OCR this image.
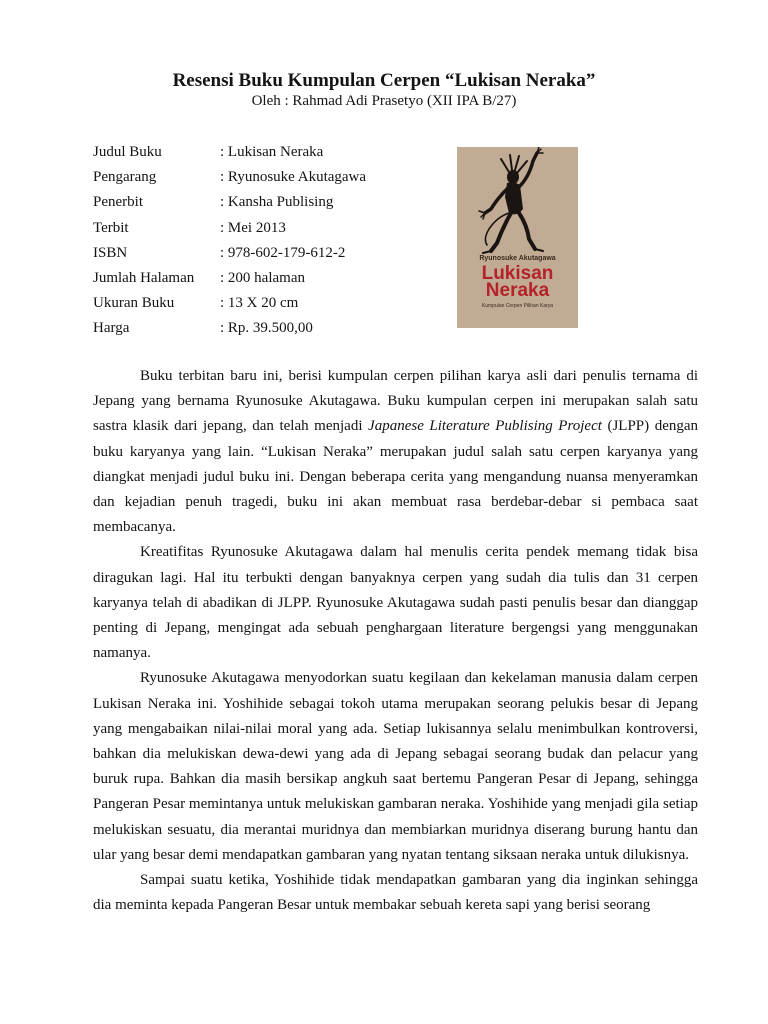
Resensi Buku Kumpulan Cerpen “Lukisan Neraka”
Oleh : Rahmad Adi Prasetyo (XII IPA B/27)
Judul Buku	: Lukisan Neraka
Pengarang	: Ryunosuke Akutagawa
Penerbit	: Kansha Publising
Terbit	: Mei 2013
ISBN	: 978-602-179-612-2
Jumlah Halaman	: 200 halaman
Ukuran Buku	: 13 X 20 cm
Harga	: Rp. 39.500,00
Ryunosuke Akutagawa
Lukisan
Neraka
Kumpulan Cerpen Pilihan Karya

Buku terbitan baru ini, berisi kumpulan cerpen pilihan karya asli dari penulis ternama di Jepang yang bernama Ryunosuke Akutagawa. Buku kumpulan cerpen ini merupakan salah satu sastra klasik dari jepang, dan telah menjadi Japanese Literature Publising Project (JLPP) dengan buku karyanya yang lain. “Lukisan Neraka” merupakan judul salah satu cerpen karyanya yang diangkat menjadi judul buku ini. Dengan beberapa cerita yang mengandung nuansa menyeramkan dan kejadian penuh tragedi, buku ini akan membuat rasa berdebar-debar si pembaca saat membacanya.

Kreatifitas Ryunosuke Akutagawa dalam hal menulis cerita pendek memang tidak bisa diragukan lagi. Hal itu terbukti dengan banyaknya cerpen yang sudah dia tulis dan 31 cerpen karyanya telah di abadikan di JLPP. Ryunosuke Akutagawa sudah pasti penulis besar dan dianggap penting di Jepang, mengingat ada sebuah penghargaan literature bergengsi yang menggunakan namanya.

Ryunosuke Akutagawa menyodorkan suatu kegilaan dan kekelaman manusia dalam cerpen Lukisan Neraka ini. Yoshihide sebagai tokoh utama merupakan seorang pelukis besar di Jepang yang mengabaikan nilai-nilai moral yang ada. Setiap lukisannya selalu menimbulkan kontroversi, bahkan dia melukiskan dewa-dewi yang ada di Jepang sebagai seorang budak dan pelacur yang buruk rupa. Bahkan dia masih bersikap angkuh saat bertemu Pangeran Pesar di Jepang, sehingga Pangeran Pesar memintanya untuk melukiskan gambaran neraka. Yoshihide yang menjadi gila setiap melukiskan sesuatu, dia merantai muridnya dan membiarkan muridnya diserang burung hantu dan ular yang besar demi mendapatkan gambaran yang nyatan tentang siksaan neraka untuk dilukisnya.

Sampai suatu ketika, Yoshihide tidak mendapatkan gambaran yang dia inginkan sehingga dia meminta kepada Pangeran Besar untuk membakar sebuah kereta sapi yang berisi seorang
